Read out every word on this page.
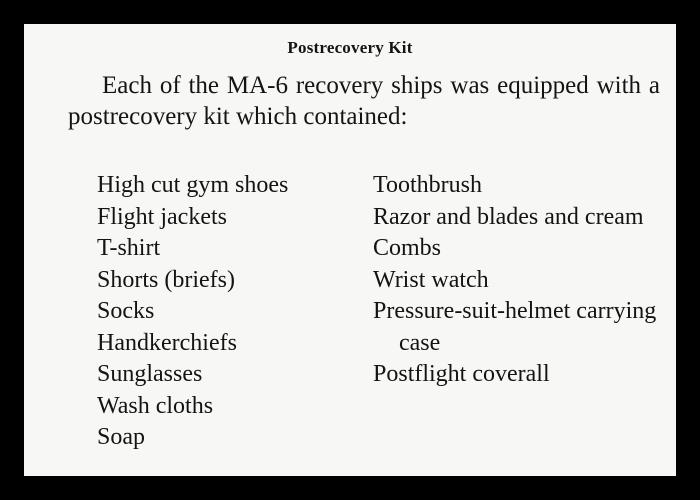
Postrecovery Kit

Each of the MA-6 recovery ships was equipped with a postrecovery kit which contained:

High cut gym shoes
Flight jackets
T-shirt
Shorts (briefs)
Socks
Handkerchiefs
Sunglasses
Wash cloths
Soap
Toothbrush
Razor and blades and cream
Combs
Wrist watch
Pressure-suit-helmet carrying case
Postflight coverall
